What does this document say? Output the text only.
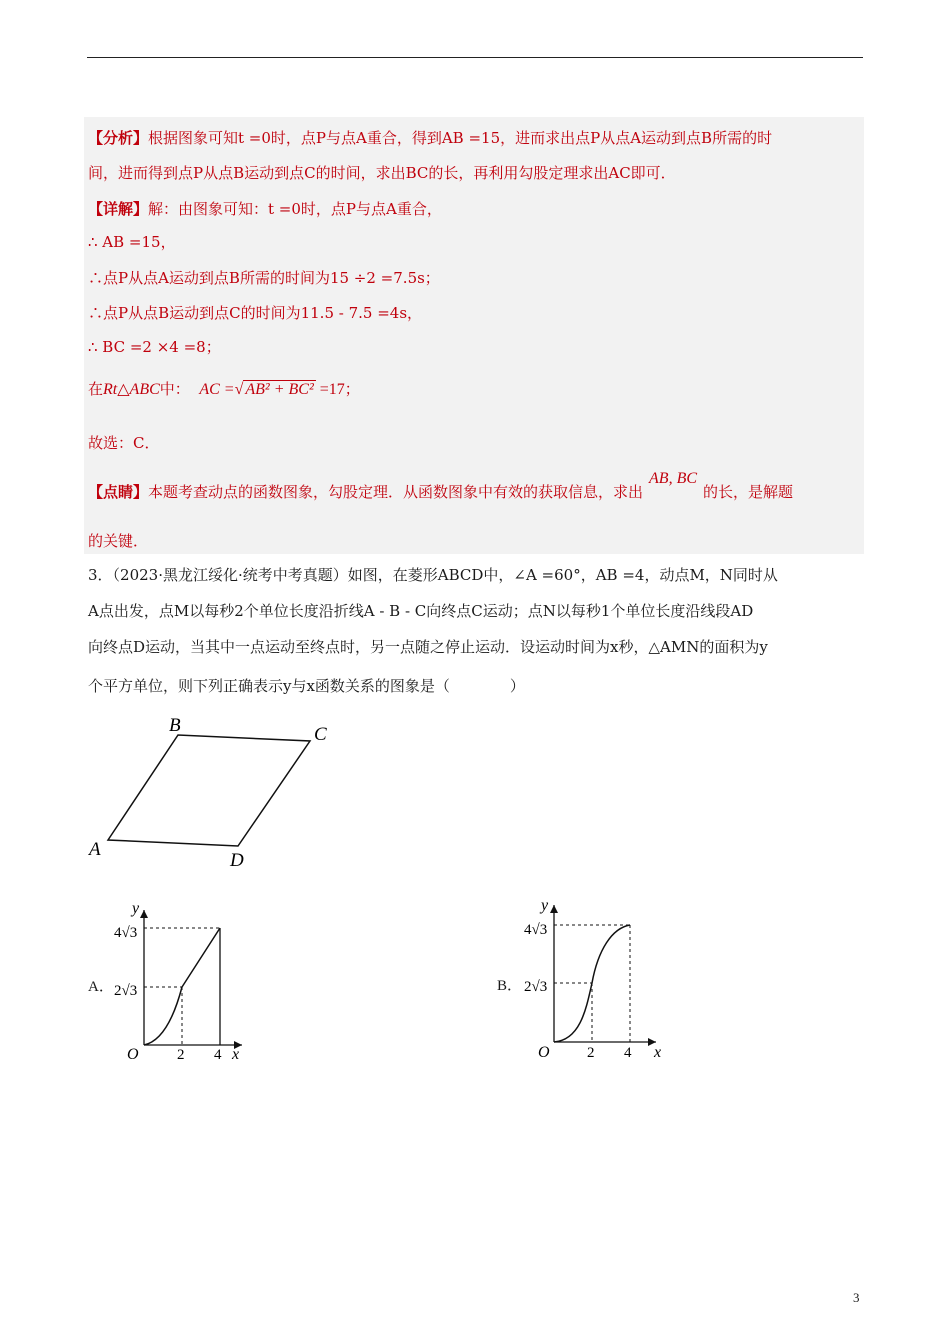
【分析】根据图象可知t =0时，点P与点A重合，得到AB =15，进而求出点P从点A运动到点B所需的时
间，进而得到点P从点B运动到点C的时间，求出BC的长，再利用勾股定理求出AC即可．
【详解】解：由图象可知：t =0时，点P与点A重合，
∴ AB =15，
∴点P从点A运动到点B所需的时间为15 ÷2 =7.5s；
∴点P从点B运动到点C的时间为11.5 - 7.5 =4s，
∴ BC =2 ×4 =8；
在Rt△ABC中： AC =√ AB² + BC² =17；
故选：C．
【点睛】本题考查动点的函数图象，勾股定理．从函数图象中有效的获取信息，求出AB, BC的长，是解题
的关键．
3．（2023·黑龙江绥化·统考中考真题）如图，在菱形ABCD中，∠A =60°，AB =4，动点M，N同时从
A点出发，点M以每秒2个单位长度沿折线A - B - C向终点C运动；点N以每秒1个单位长度沿线段AD
向终点D运动，当其中一点运动至终点时，另一点随之停止运动．设运动时间为x秒，△AMN的面积为y
个平方单位，则下列正确表示y与x函数关系的图象是（　　　　）
B	C
A
D
y
x
O
4√3
2√3
2 4
y
x
O
4√3
2√3
2 4
A．	B．
3
